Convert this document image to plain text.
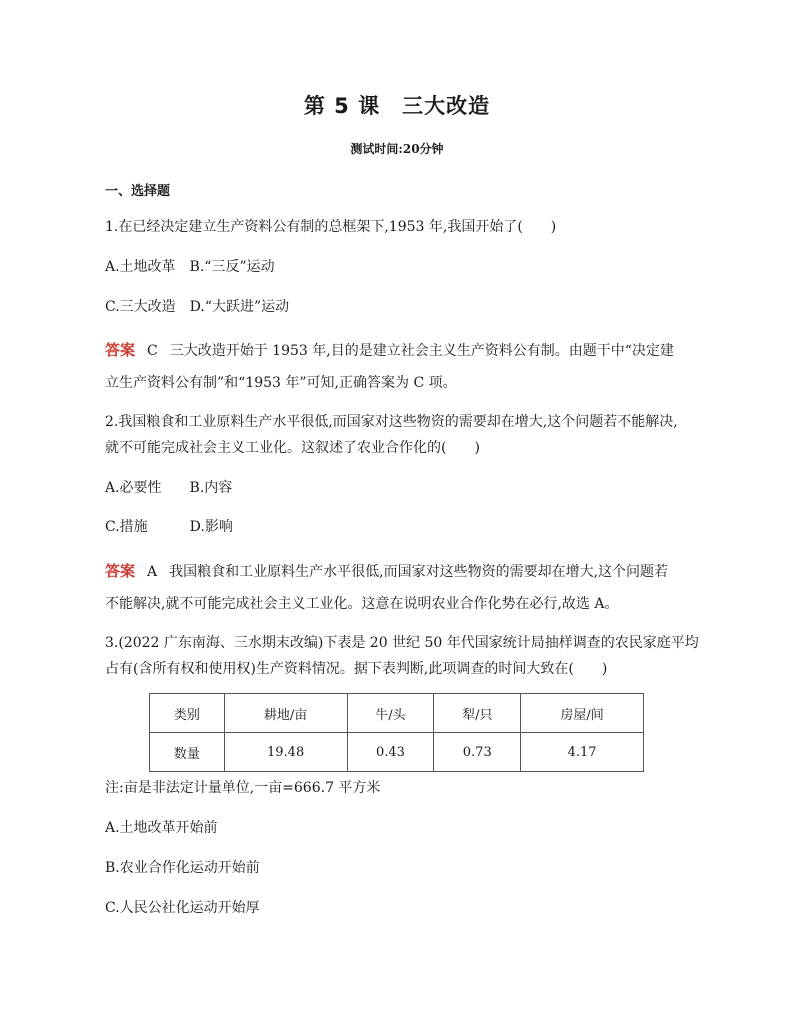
第 5 课　三大改造
测试时间:20分钟
一、选择题
1.在已经决定建立生产资料公有制的总框架下,1953 年,我国开始了(　　)
A.土地改革　B.“三反”运动
C.三大改造　D.“大跃进”运动
答案 C 三大改造开始于 1953 年,目的是建立社会主义生产资料公有制。由题干中“决定建
立生产资料公有制”和“1953 年”可知,正确答案为 C 项。
2.我国粮食和工业原料生产水平很低,而国家对这些物资的需要却在增大,这个问题若不能解决,
就不可能完成社会主义工业化。这叙述了农业合作化的(　　)
A.必要性　　B.内容
C.措施　　　D.影响
答案 A 我国粮食和工业原料生产水平很低,而国家对这些物资的需要却在增大,这个问题若
不能解决,就不可能完成社会主义工业化。这意在说明农业合作化势在必行,故选 A。
3.(2022 广东南海、三水期末改编)下表是 20 世纪 50 年代国家统计局抽样调查的农民家庭平均
占有(含所有权和使用权)生产资料情况。据下表判断,此项调查的时间大致在(　　)
类别	耕地/亩	牛/头	犁/只	房屋/间
数量	19.48	0.43	0.73	4.17
注:亩是非法定计量单位,一亩=666.7 平方米
A.土地改革开始前
B.农业合作化运动开始前
C.人民公社化运动开始厚
